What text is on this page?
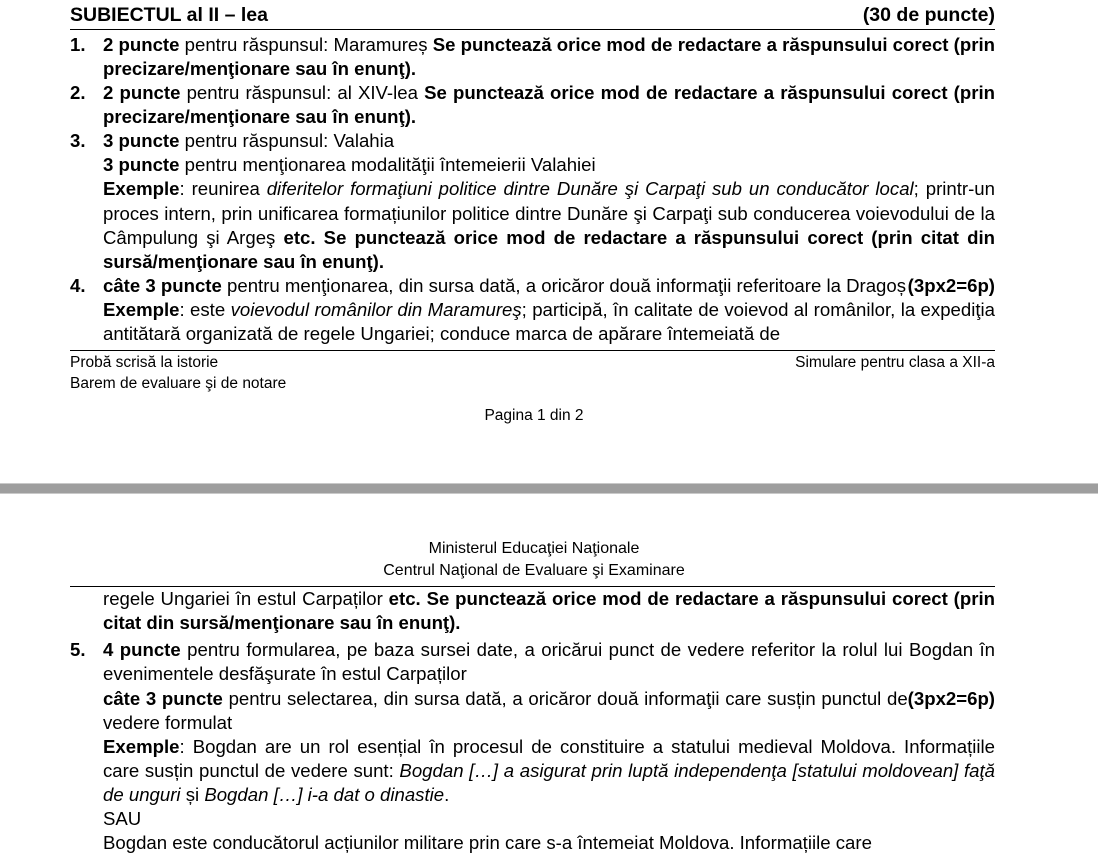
SUBIECTUL al II – lea	(30 de puncte)
1. 2 puncte pentru răspunsul: Maramureș Se punctează orice mod de redactare a răspunsului corect (prin precizare/menţionare sau în enunţ).

2. 2 puncte pentru răspunsul: al XIV-lea Se punctează orice mod de redactare a răspunsului corect (prin precizare/menţionare sau în enunţ).

3. 3 puncte pentru răspunsul: Valahia

3 puncte pentru menţionarea modalităţii întemeierii Valahiei

Exemple: reunirea diferitelor formaţiuni politice dintre Dunăre şi Carpaţi sub un conducător local; printr-un proces intern, prin unificarea formațiunilor politice dintre Dunăre şi Carpaţi sub conducerea voievodului de la Câmpulung şi Argeş etc. Se punctează orice mod de redactare a răspunsului corect (prin citat din sursă/menţionare sau în enunţ).

4.	(3px2=6p)
câte 3 puncte pentru menţionarea, din sursa dată, a oricăror două informaţii referitoare la Dragoș

Exemple: este voievodul românilor din Maramureş; participă, în calitate de voievod al românilor, la expediţia antitătară organizată de regele Ungariei; conduce marca de apărare întemeiată de

Probă scrisă la istorie
Barem de evaluare şi de notare
Simulare pentru clasa a XII-a
Pagina 1 din 2
Ministerul Educaţiei Naţionale
Centrul Naţional de Evaluare şi Examinare
regele Ungariei în estul Carpaților etc. Se punctează orice mod de redactare a răspunsului corect (prin citat din sursă/menţionare sau în enunţ).
5. 4 puncte pentru formularea, pe baza sursei date, a oricărui punct de vedere referitor la rolul lui Bogdan în evenimentele desfăşurate în estul Carpaților

(3px2=6p)
câte 3 puncte pentru selectarea, din sursa dată, a oricăror două informaţii care susțin punctul de vedere formulat

Exemple: Bogdan are un rol esențial în procesul de constituire a statului medieval Moldova. Informațiile care susțin punctul de vedere sunt: Bogdan […] a asigurat prin luptă independenţa [statului moldovean] faţă de unguri și Bogdan […] i-a dat o dinastie.

SAU

Bogdan este conducătorul acțiunilor militare prin care s-a întemeiat Moldova. Informațiile care
